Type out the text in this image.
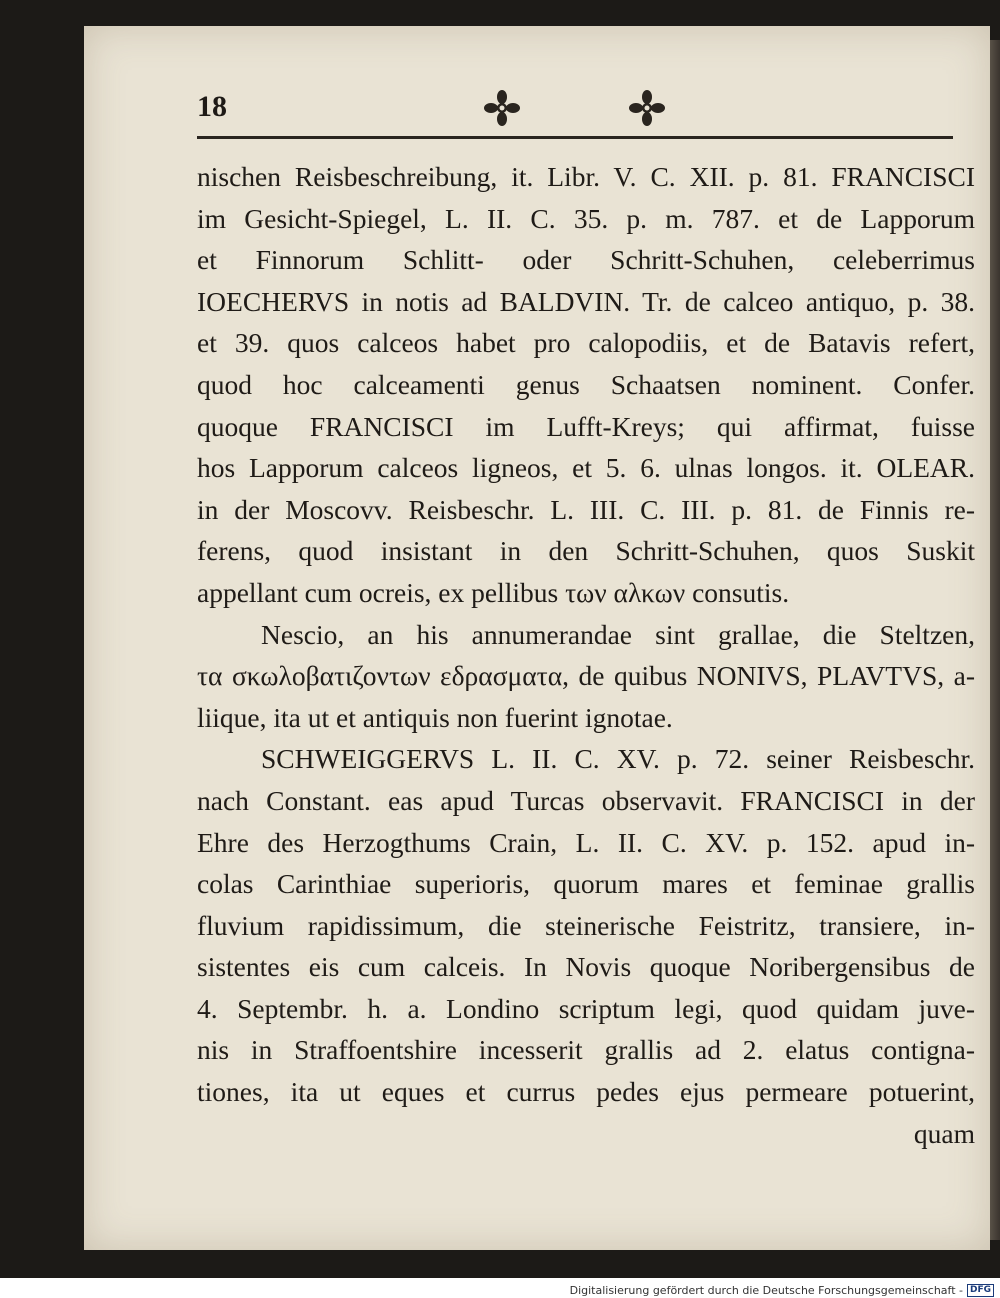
18
nischen Reisbeschreibung, it. Libr. V. C. XII. p. 81. FRANCISCI
im Gesicht-Spiegel, L. II. C. 35. p. m. 787. et de Lapporum
et Finnorum Schlitt- oder Schritt-Schuhen, celeberrimus
IOECHERVS in notis ad BALDVIN. Tr. de calceo antiquo, p. 38.
et 39. quos calceos habet pro calopodiis, et de Batavis refert,
quod hoc calceamenti genus Schaatsen nominent. Confer.
quoque FRANCISCI im Lufft-Kreys; qui affirmat, fuisse
hos Lapporum calceos ligneos, et 5. 6. ulnas longos. it. OLEAR.
in der Moscovv. Reisbeschr. L. III. C. III. p. 81. de Finnis re-
ferens, quod insistant in den Schritt-Schuhen, quos Suskit
appellant cum ocreis, ex pellibus των αλκων consutis.
Nescio, an his annumerandae sint grallae, die Steltzen,
τα σκωλοβατιζοντων εδρασματα, de quibus NONIVS, PLAVTVS, a-
liique, ita ut et antiquis non fuerint ignotae.
SCHWEIGGERVS L. II. C. XV. p. 72. seiner Reisbeschr.
nach Constant. eas apud Turcas observavit. FRANCISCI in der
Ehre des Herzogthums Crain, L. II. C. XV. p. 152. apud in-
colas Carinthiae superioris, quorum mares et feminae grallis
fluvium rapidissimum, die steinerische Feistritz, transiere, in-
sistentes eis cum calceis. In Novis quoque Noribergensibus de
4. Septembr. h. a. Londino scriptum legi, quod quidam juve-
nis in Straffoentshire incesserit grallis ad 2. elatus contigna-
tiones, ita ut eques et currus pedes ejus permeare potuerint,
quam
Digitalisierung gefördert durch die Deutsche Forschungsgemeinschaft - DFG
